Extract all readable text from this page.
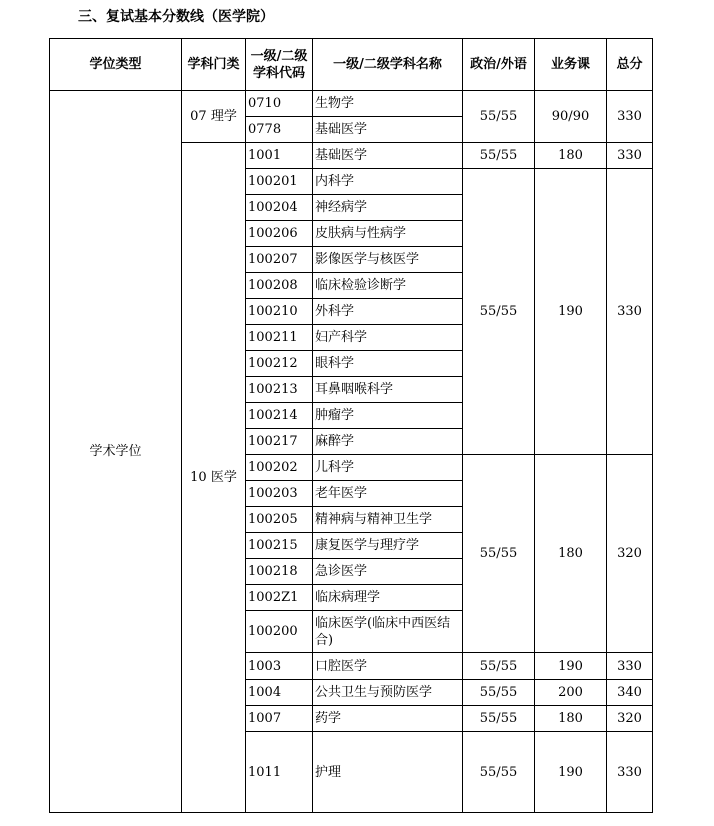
三、复试基本分数线（医学院）
学位类型	学科门类	一级/二级学科代码	一级/二级学科名称	政治/外语	业务课	总分
学术学位	07 理学	0710	生物学	55/55	90/90	330
		0778	基础医学			
	10 医学	1001	基础医学	55/55	180	330
		100201	内科学	55/55	190	330
		100204	神经病学			
		100206	皮肤病与性病学			
		100207	影像医学与核医学			
		100208	临床检验诊断学			
		100210	外科学			
		100211	妇产科学			
		100212	眼科学			
		100213	耳鼻咽喉科学			
		100214	肿瘤学			
		100217	麻醉学			
		100202	儿科学	55/55	180	320
		100203	老年医学			
		100205	精神病与精神卫生学			
		100215	康复医学与理疗学			
		100218	急诊医学			
		1002Z1	临床病理学			
		100200	临床医学(临床中西医结合)			
		1003	口腔医学	55/55	190	330
		1004	公共卫生与预防医学	55/55	200	340
		1007	药学	55/55	180	320
		1011	护理	55/55	190	330
